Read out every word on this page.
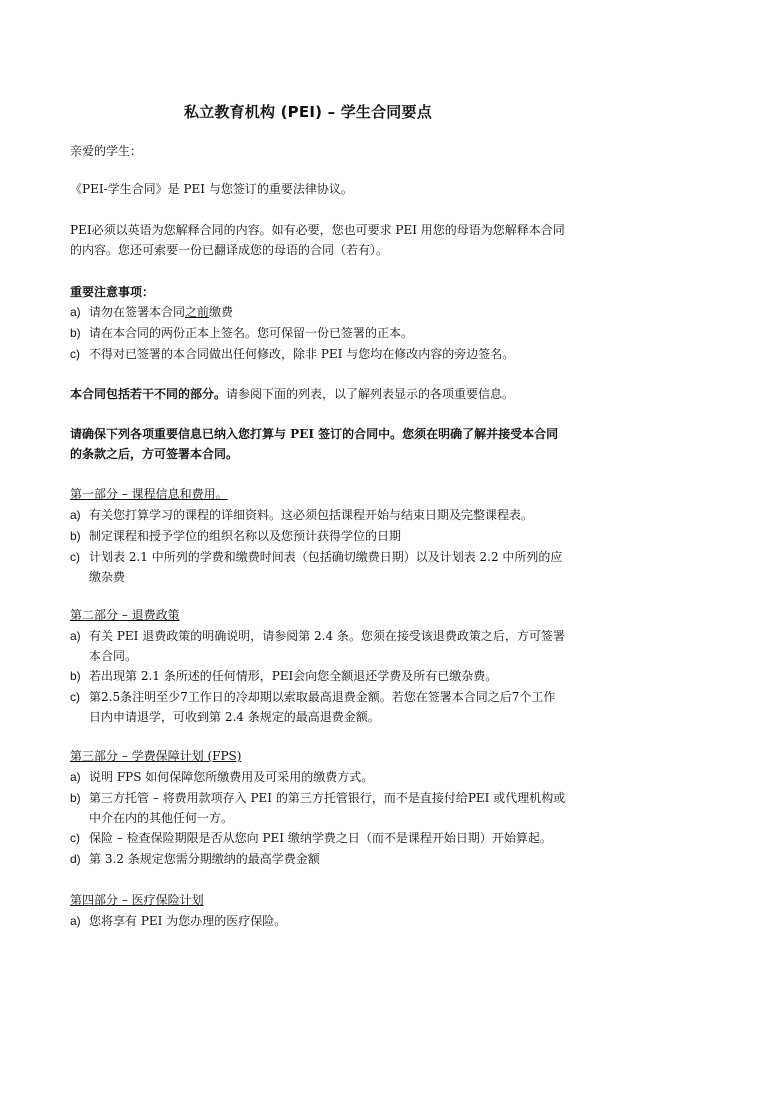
私立教育机构 (PEI) – 学生合同要点
亲爱的学生：
《PEI-学生合同》是 PEI 与您签订的重要法律协议。
PEI必须以英语为您解释合同的内容。如有必要，您也可要求 PEI 用您的母语为您解释本合同
的内容。您还可索要一份已翻译成您的母语的合同（若有）。
重要注意事项：
a) 请勿在签署本合同之前缴费
b) 请在本合同的两份正本上签名。您可保留一份已签署的正本。
c) 不得对已签署的本合同做出任何修改，除非 PEI 与您均在修改内容的旁边签名。
本合同包括若干不同的部分。请参阅下面的列表，以了解列表显示的各项重要信息。
请确保下列各项重要信息已纳入您打算与 PEI 签订的合同中。您须在明确了解并接受本合同
的条款之后，方可签署本合同。
第一部分 – 课程信息和费用。
a) 有关您打算学习的课程的详细资料。这必须包括课程开始与结束日期及完整课程表。
b) 制定课程和授予学位的组织名称以及您预计获得学位的日期
c) 计划表 2.1 中所列的学费和缴费时间表（包括确切缴费日期）以及计划表 2.2 中所列的应
缴杂费
第二部分 – 退费政策
a) 有关 PEI 退费政策的明确说明，请参阅第 2.4 条。您须在接受该退费政策之后，方可签署
本合同。
b) 若出现第 2.1 条所述的任何情形，PEI会向您全额退还学费及所有已缴杂费。
c) 第2.5条注明至少7工作日的冷却期以索取最高退费金额。若您在签署本合同之后7个工作
日内申请退学，可收到第 2.4 条规定的最高退费金额。
第三部分 – 学费保障计划 (FPS)
a) 说明 FPS 如何保障您所缴费用及可采用的缴费方式。
b) 第三方托管 – 将费用款项存入 PEI 的第三方托管银行，而不是直接付给PEI 或代理机构或
中介在内的其他任何一方。
c) 保险 – 检查保险期限是否从您向 PEI 缴纳学费之日（而不是课程开始日期）开始算起。
d) 第 3.2 条规定您需分期缴纳的最高学费金额
第四部分 – 医疗保险计划
a) 您将享有 PEI 为您办理的医疗保险。
